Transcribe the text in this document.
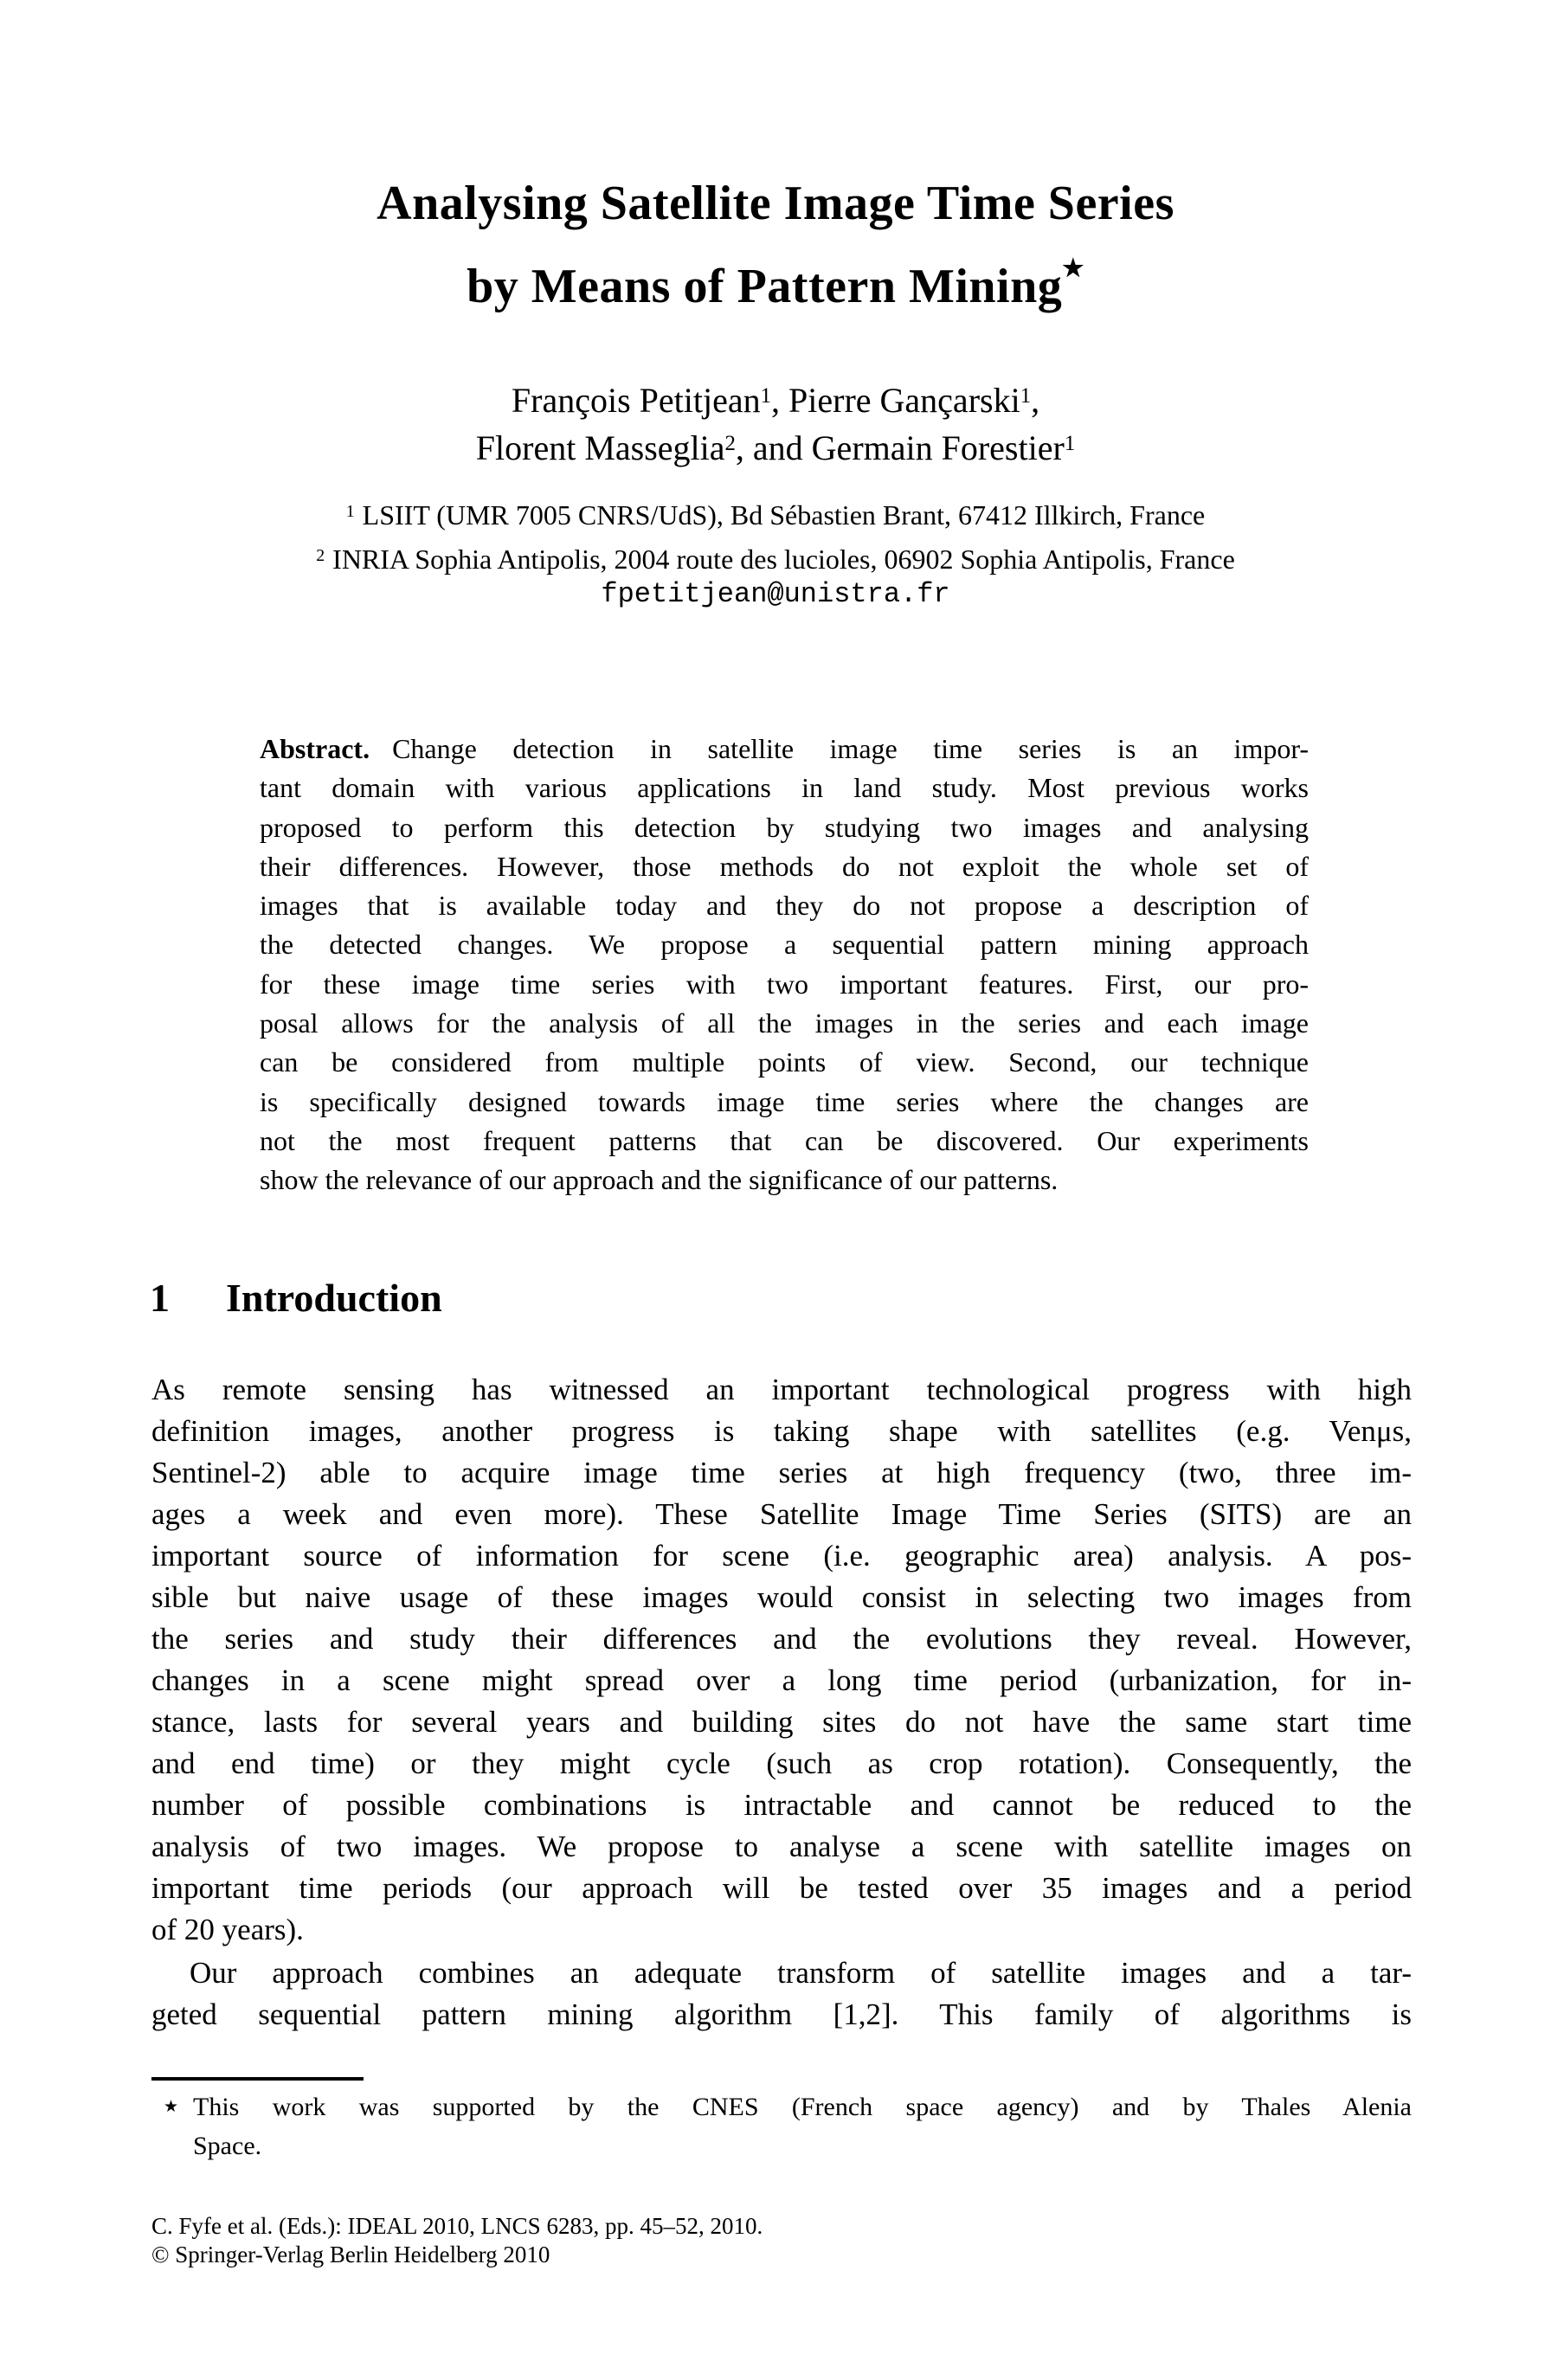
Analysing Satellite Image Time Series
by Means of Pattern Mining★
François Petitjean$^1$, Pierre Gançarski$^1$,
Florent Masseglia$^2$, and Germain Forestier$^1$
$^1$ LSIIT (UMR 7005 CNRS/UdS), Bd Sébastien Brant, 67412 Illkirch, France
$^2$ INRIA Sophia Antipolis, 2004 route des lucioles, 06902 Sophia Antipolis, France
fpetitjean@unistra.fr
Abstract. Change detection in satellite image time series is an impor-
tant domain with various applications in land study. Most previous works
proposed to perform this detection by studying two images and analysing
their differences. However, those methods do not exploit the whole set of
images that is available today and they do not propose a description of
the detected changes. We propose a sequential pattern mining approach
for these image time series with two important features. First, our pro-
posal allows for the analysis of all the images in the series and each image
can be considered from multiple points of view. Second, our technique
is specifically designed towards image time series where the changes are
not the most frequent patterns that can be discovered. Our experiments
show the relevance of our approach and the significance of our patterns.
1 Introduction
As remote sensing has witnessed an important technological progress with high
definition images, another progress is taking shape with satellites (e.g. Venμs,
Sentinel-2) able to acquire image time series at high frequency (two, three im-
ages a week and even more). These Satellite Image Time Series (SITS) are an
important source of information for scene (i.e. geographic area) analysis. A pos-
sible but naive usage of these images would consist in selecting two images from
the series and study their differences and the evolutions they reveal. However,
changes in a scene might spread over a long time period (urbanization, for in-
stance, lasts for several years and building sites do not have the same start time
and end time) or they might cycle (such as crop rotation). Consequently, the
number of possible combinations is intractable and cannot be reduced to the
analysis of two images. We propose to analyse a scene with satellite images on
important time periods (our approach will be tested over 35 images and a period
of 20 years).
Our approach combines an adequate transform of satellite images and a tar-
geted sequential pattern mining algorithm [1,2]. This family of algorithms is
★ This work was supported by the CNES (French space agency) and by Thales Alenia
Space.
C. Fyfe et al. (Eds.): IDEAL 2010, LNCS 6283, pp. 45–52, 2010.
© Springer-Verlag Berlin Heidelberg 2010
